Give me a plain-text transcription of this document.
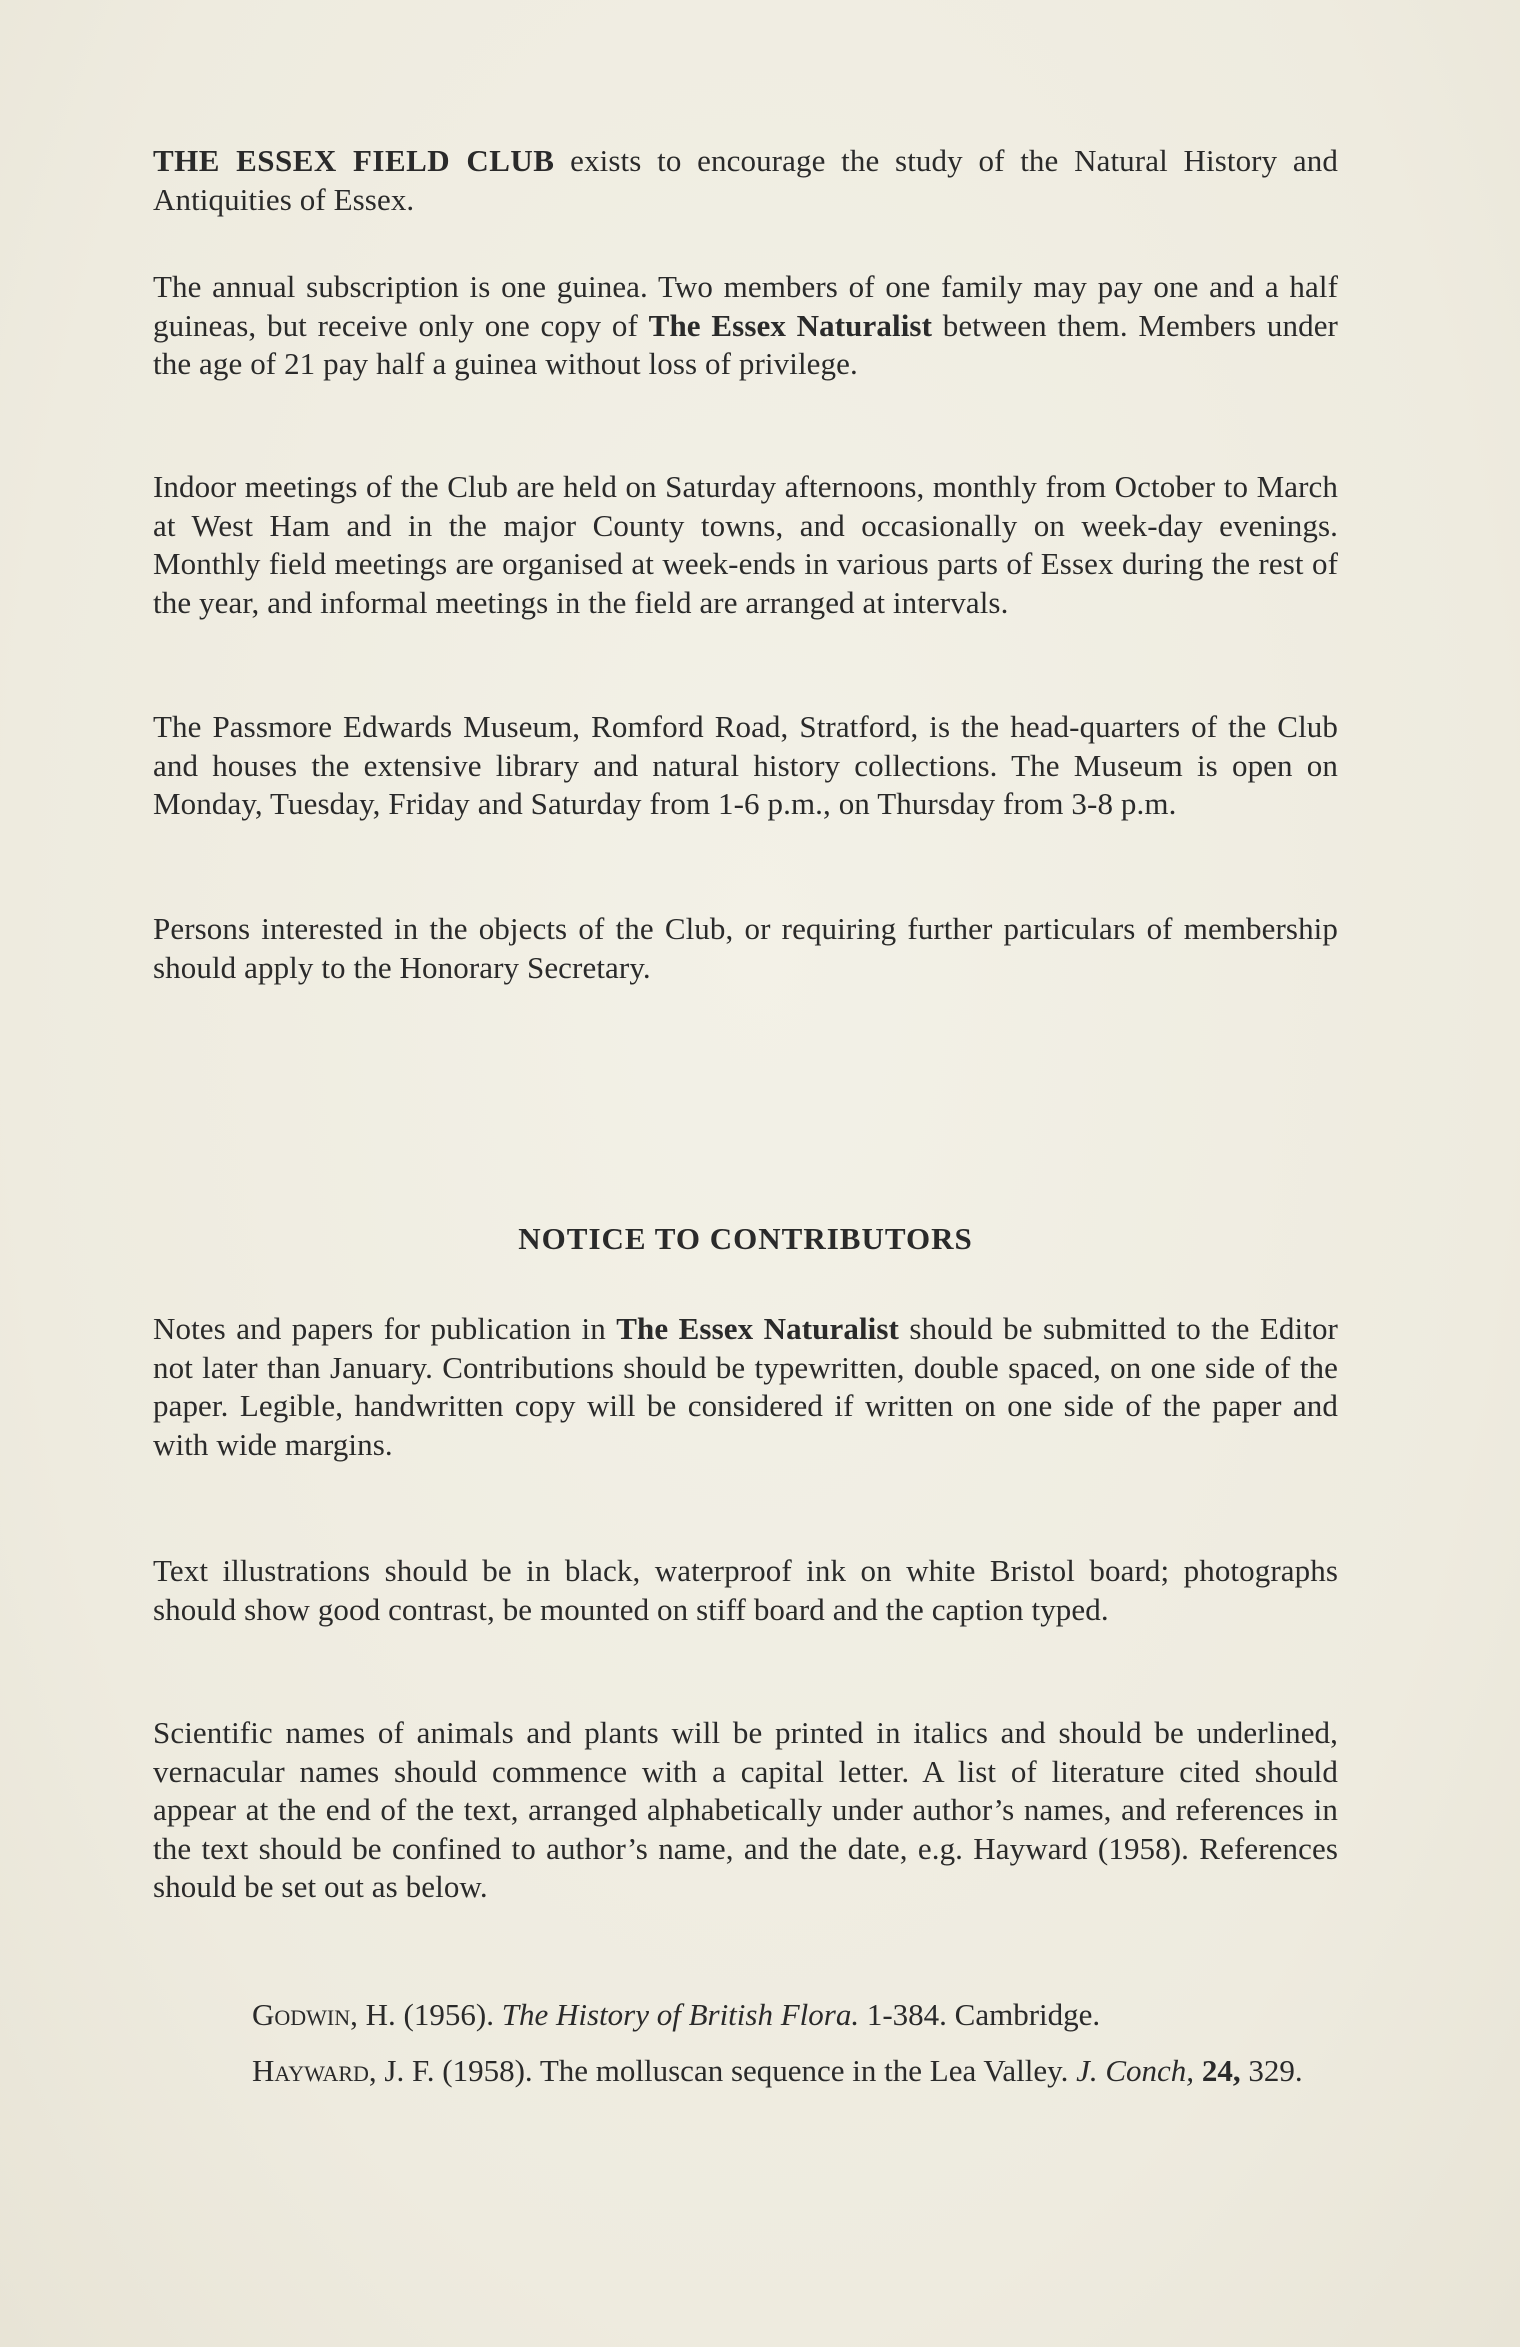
THE ESSEX FIELD CLUB exists to encourage the study of the Natural History and Antiquities of Essex.

The annual subscription is one guinea. Two members of one family may pay one and a half guineas, but receive only one copy of The Essex Naturalist between them. Members under the age of 21 pay half a guinea without loss of privilege.

Indoor meetings of the Club are held on Saturday afternoons, monthly from October to March at West Ham and in the major County towns, and occasionally on week-day evenings. Monthly field meetings are organised at week-ends in various parts of Essex during the rest of the year, and informal meetings in the field are arranged at intervals.

The Passmore Edwards Museum, Romford Road, Stratford, is the head-quarters of the Club and houses the extensive library and natural history collections. The Museum is open on Monday, Tuesday, Friday and Saturday from 1-6 p.m., on Thursday from 3-8 p.m.

Persons interested in the objects of the Club, or requiring further particulars of membership should apply to the Honorary Secretary.

NOTICE TO CONTRIBUTORS

Notes and papers for publication in The Essex Naturalist should be submitted to the Editor not later than January. Contributions should be typewritten, double spaced, on one side of the paper. Legible, handwritten copy will be considered if written on one side of the paper and with wide margins.

Text illustrations should be in black, waterproof ink on white Bristol board; photographs should show good contrast, be mounted on stiff board and the caption typed.

Scientific names of animals and plants will be printed in italics and should be underlined, vernacular names should commence with a capital letter. A list of literature cited should appear at the end of the text, arranged alphabetically under author’s names, and references in the text should be confined to author’s name, and the date, e.g. Hayward (1958). References should be set out as below.

Godwin, H. (1956). The History of British Flora. 1-384. Cambridge.
Hayward, J. F. (1958). The molluscan sequence in the Lea Valley. J. Conch, 24, 329.
